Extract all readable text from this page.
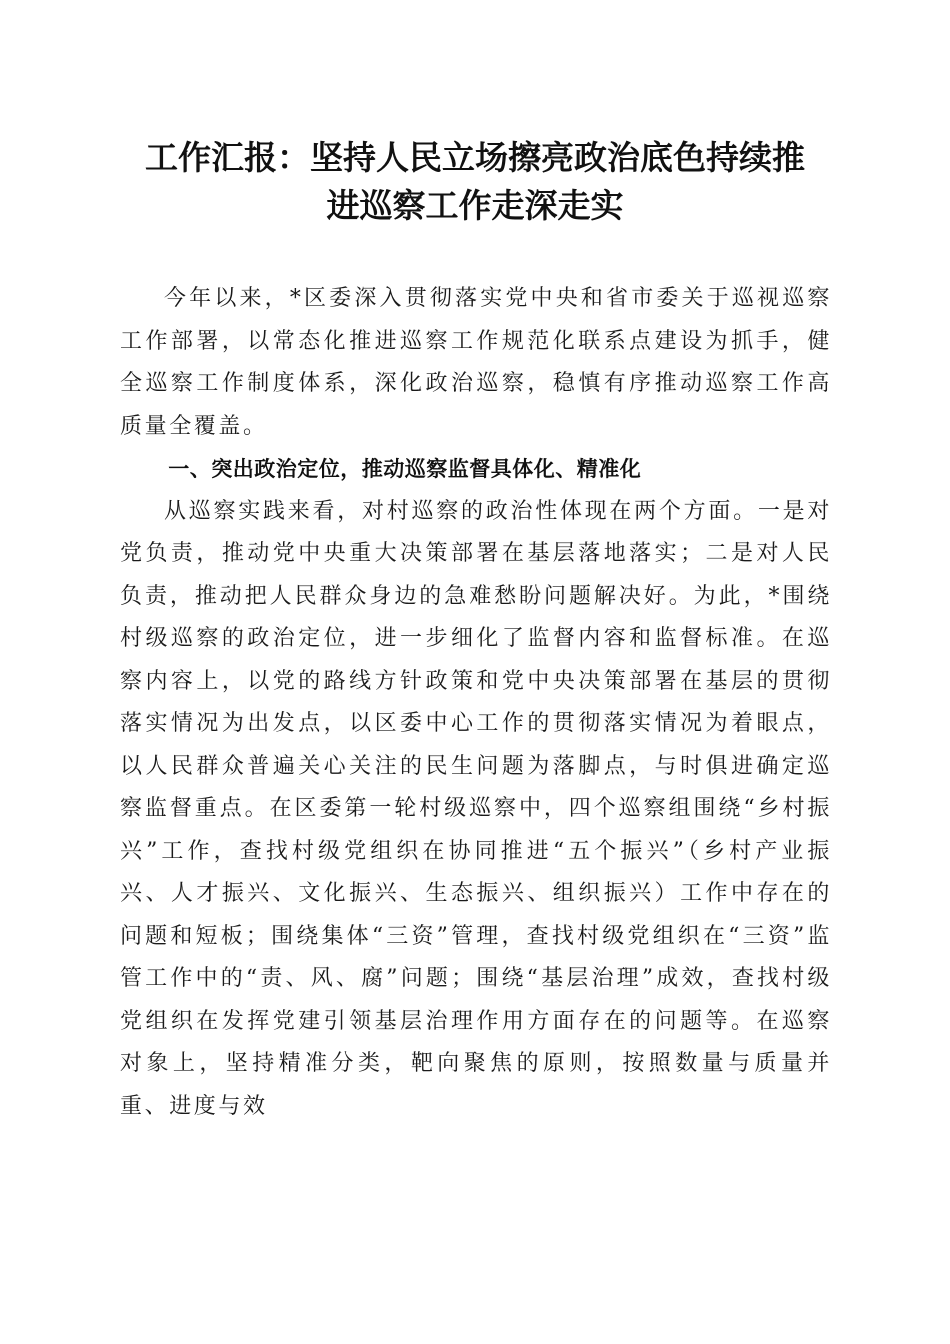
工作汇报：坚持人民立场擦亮政治底色持续推
进巡察工作走深走实

今年以来，*区委深入贯彻落实党中央和省市委关于巡视巡察工作部署，以常态化推进巡察工作规范化联系点建设为抓手，健全巡察工作制度体系，深化政治巡察，稳慎有序推动巡察工作高质量全覆盖。

一、突出政治定位，推动巡察监督具体化、精准化

从巡察实践来看，对村巡察的政治性体现在两个方面。一是对党负责，推动党中央重大决策部署在基层落地落实；二是对人民负责，推动把人民群众身边的急难愁盼问题解决好。为此，*围绕村级巡察的政治定位，进一步细化了监督内容和监督标准。在巡察内容上，以党的路线方针政策和党中央决策部署在基层的贯彻落实情况为出发点，以区委中心工作的贯彻落实情况为着眼点，以人民群众普遍关心关注的民生问题为落脚点，与时俱进确定巡察监督重点。在区委第一轮村级巡察中，四个巡察组围绕“乡村振兴”工作，查找村级党组织在协同推进“五个振兴”（乡村产业振兴、人才振兴、文化振兴、生态振兴、组织振兴）工作中存在的问题和短板；围绕集体“三资”管理，查找村级党组织在“三资”监管工作中的“责、风、腐”问题；围绕“基层治理”成效，查找村级党组织在发挥党建引领基层治理作用方面存在的问题等。在巡察对象上，坚持精准分类，靶向聚焦的原则，按照数量与质量并重、进度与效
